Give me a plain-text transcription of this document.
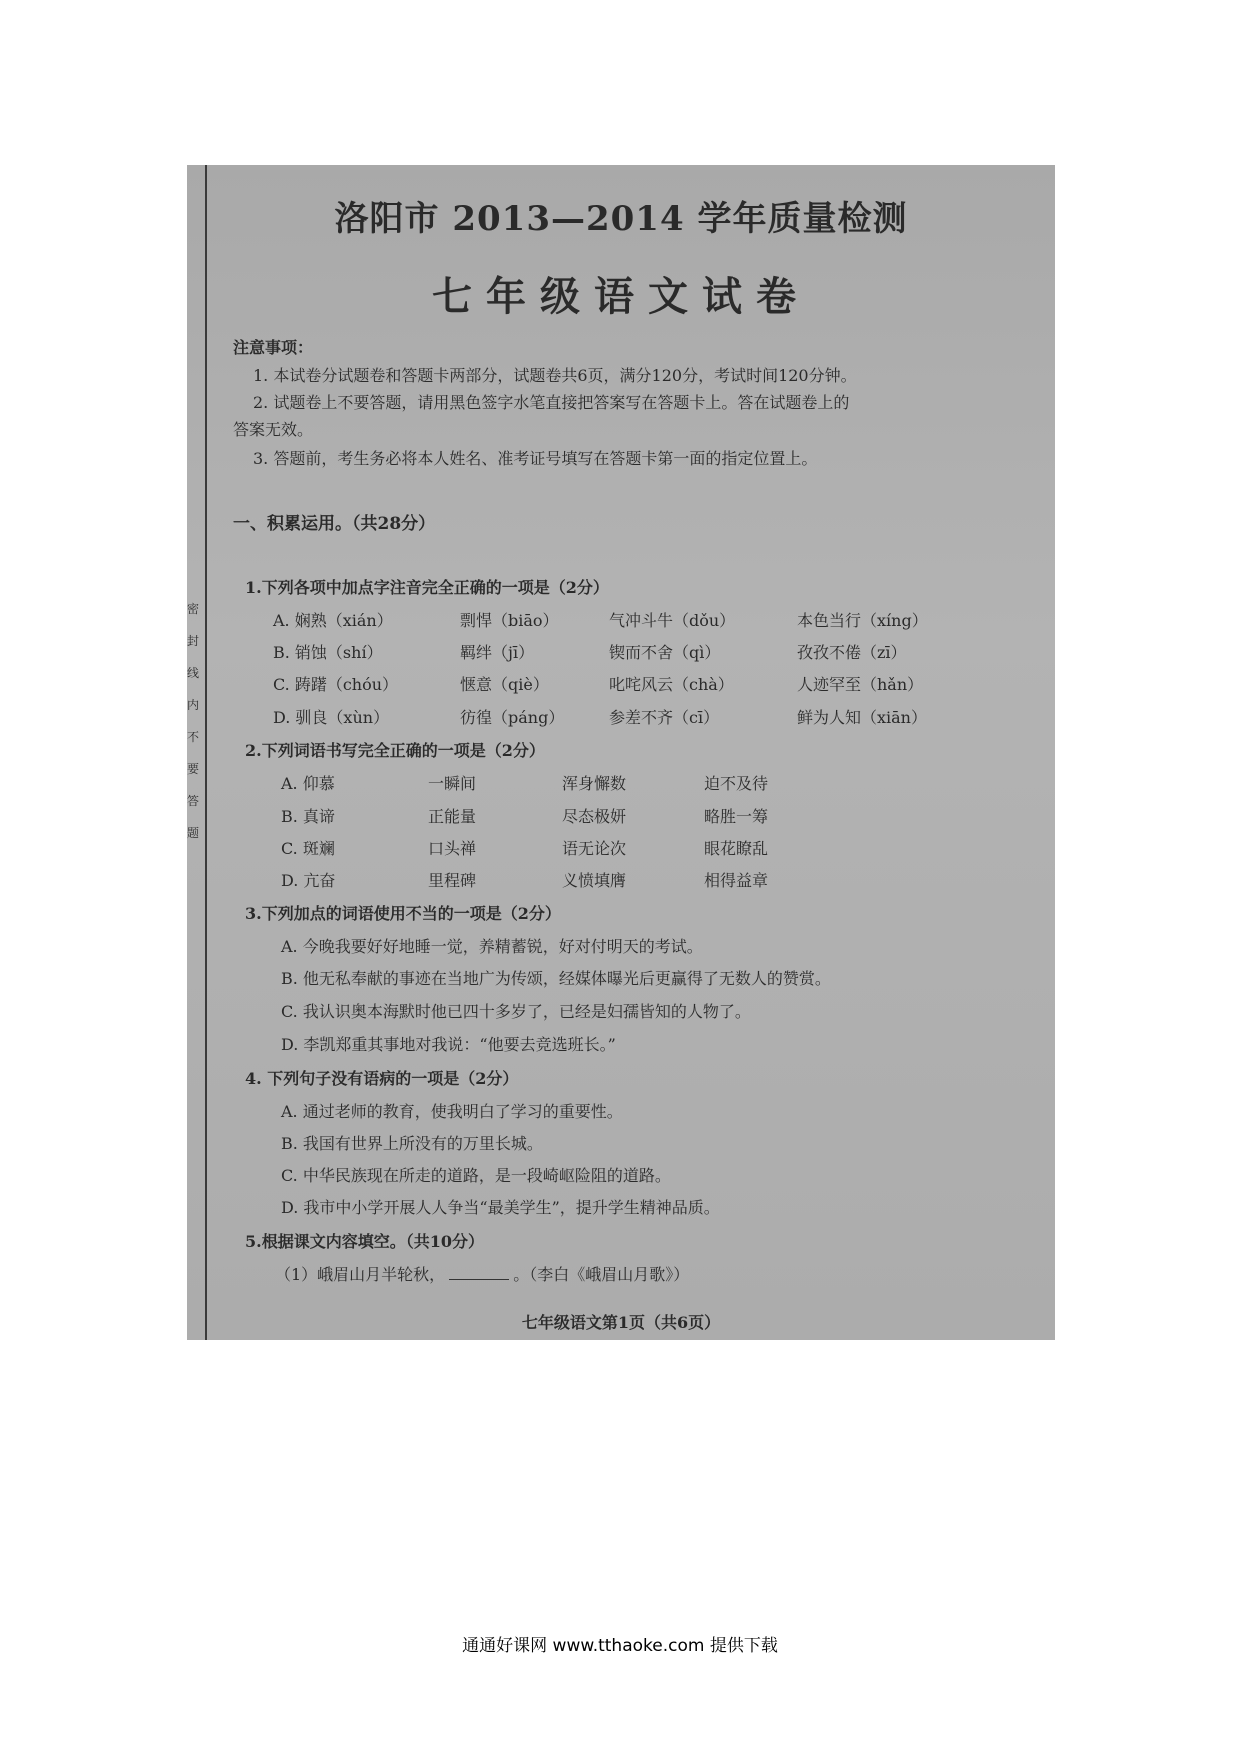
密
封
线
内
不
要
答
题
洛阳市 2013—2014 学年质量检测
七年级语文试卷
注意事项：
1. 本试卷分试题卷和答题卡两部分，试题卷共6页，满分120分，考试时间120分钟。
2. 试题卷上不要答题，请用黑色签字水笔直接把答案写在答题卡上。答在试题卷上的
答案无效。
3. 答题前，考生务必将本人姓名、准考证号填写在答题卡第一面的指定位置上。
一、积累运用。（共28分）
1.下列各项中加点字注音完全正确的一项是（2分）
A. 娴熟（xián）	剽悍（biāo）	气冲斗牛（dǒu）	本色当行（xíng）
B. 销蚀（shí）	羁绊（jī）	锲而不舍（qì）	孜孜不倦（zī）
C. 踌躇（chóu）	惬意（qiè）	叱咤风云（chà）	人迹罕至（hǎn）
D. 驯良（xùn）	彷徨（páng）	参差不齐（cī）	鲜为人知（xiān）
2.下列词语书写完全正确的一项是（2分）
A. 仰慕	一瞬间	浑身懈数	迫不及待
B. 真谛	正能量	尽态极妍	略胜一筹
C. 斑斓	口头禅	语无论次	眼花瞭乱
D. 亢奋	里程碑	义愤填膺	相得益章
3.下列加点的词语使用不当的一项是（2分）
A. 今晚我要好好地睡一觉，养精蓄锐，好对付明天的考试。
B. 他无私奉献的事迹在当地广为传颂，经媒体曝光后更赢得了无数人的赞赏。
C. 我认识奥本海默时他已四十多岁了，已经是妇孺皆知的人物了。
D. 李凯郑重其事地对我说：“他要去竞选班长。”
4. 下列句子没有语病的一项是（2分）
A. 通过老师的教育，使我明白了学习的重要性。
B. 我国有世界上所没有的万里长城。
C. 中华民族现在所走的道路，是一段崎岖险阻的道路。
D. 我市中小学开展人人争当“最美学生”，提升学生精神品质。
5.根据课文内容填空。（共10分）
（1）峨眉山月半轮秋，	。（李白《峨眉山月歌》）
七年级语文第1页（共6页）
通通好课网 www.tthaoke.com 提供下载
